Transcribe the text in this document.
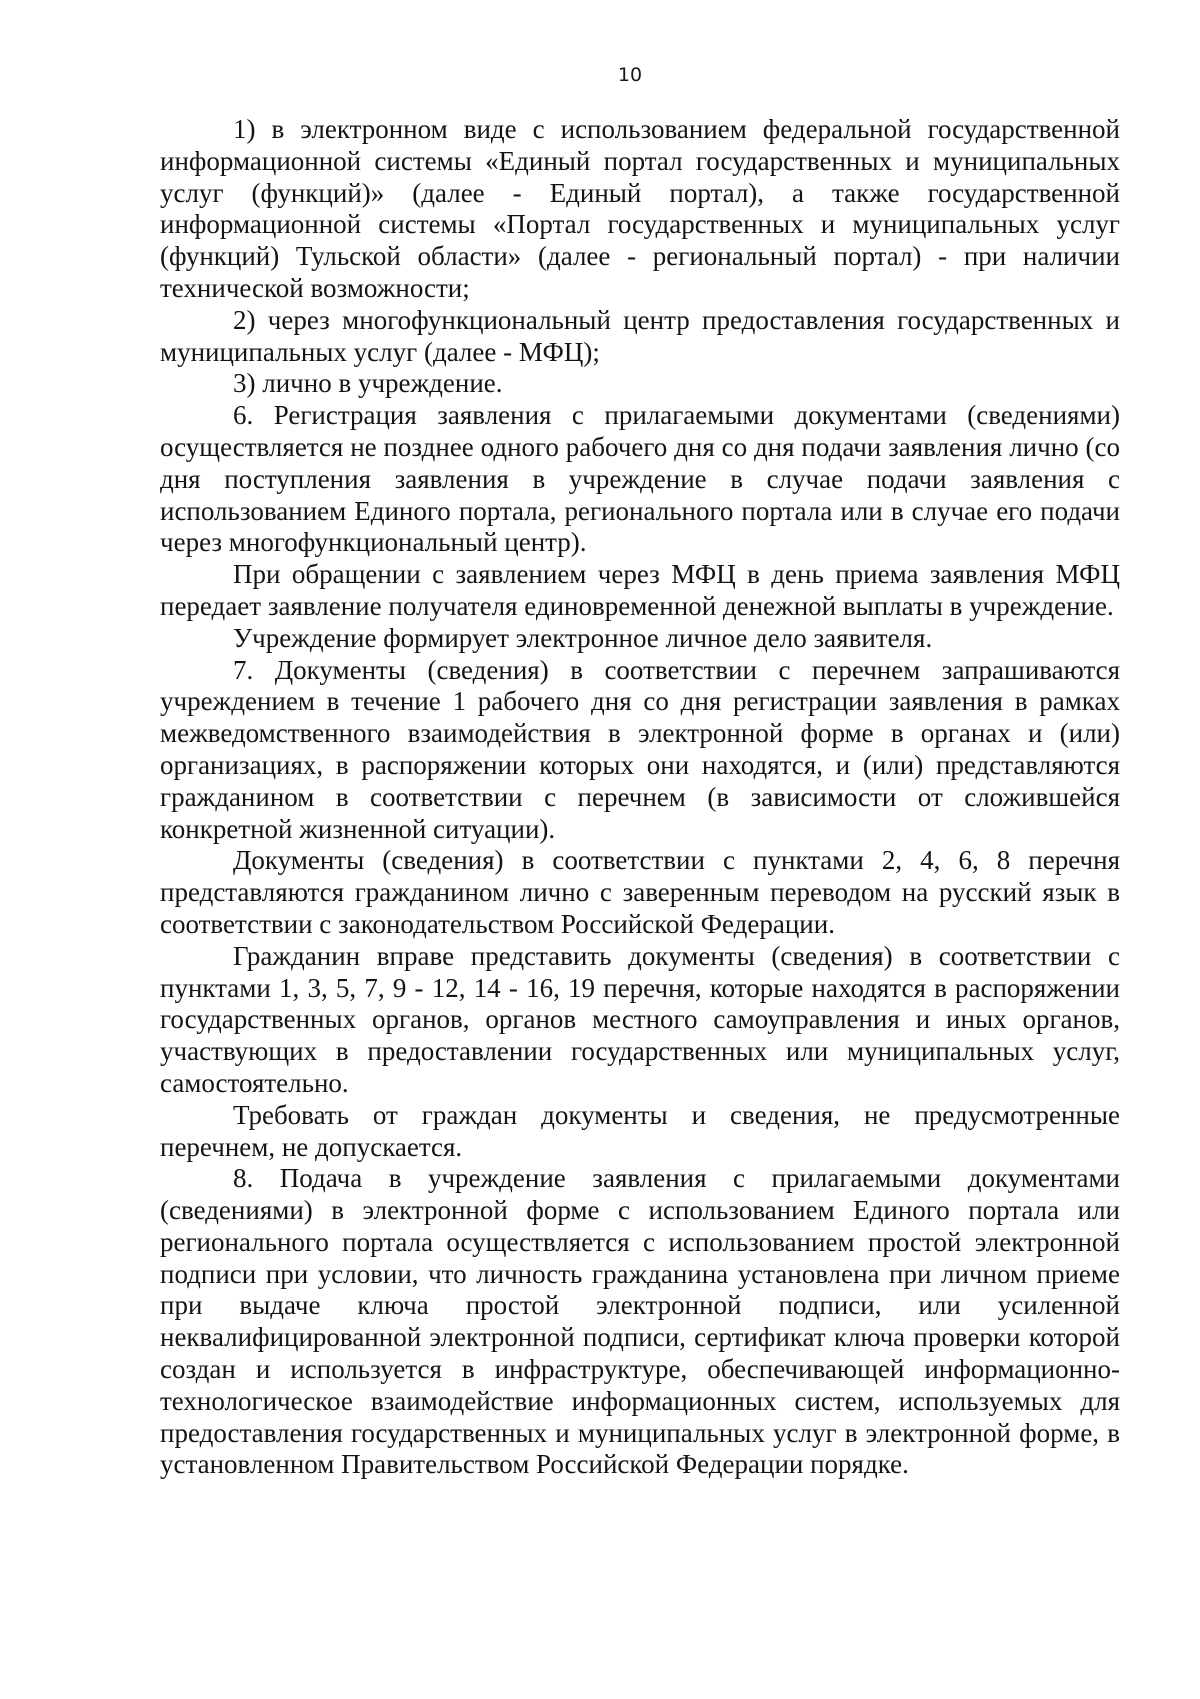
10

1) в электронном виде с использованием федеральной государственной информационной системы «Единый портал государственных и муниципальных услуг (функций)» (далее - Единый портал), а также государственной информационной системы «Портал государственных и муниципальных услуг (функций) Тульской области» (далее - региональный портал) - при наличии технической возможности;

2) через многофункциональный центр предоставления государственных и муниципальных услуг (далее - МФЦ);

3) лично в учреждение.

6. Регистрация заявления с прилагаемыми документами (сведениями) осуществляется не позднее одного рабочего дня со дня подачи заявления лично (со дня поступления заявления в учреждение в случае подачи заявления с использованием Единого портала, регионального портала или в случае его подачи через многофункциональный центр).

При обращении с заявлением через МФЦ в день приема заявления МФЦ передает заявление получателя единовременной денежной выплаты в учреждение.

Учреждение формирует электронное личное дело заявителя.

7. Документы (сведения) в соответствии с перечнем запрашиваются учреждением в течение 1 рабочего дня со дня регистрации заявления в рамках межведомственного взаимодействия в электронной форме в органах и (или) организациях, в распоряжении которых они находятся, и (или) представляются гражданином в соответствии с перечнем (в зависимости от сложившейся конкретной жизненной ситуации).

Документы (сведения) в соответствии с пунктами 2, 4, 6, 8 перечня представляются гражданином лично с заверенным переводом на русский язык в соответствии с законодательством Российской Федерации.

Гражданин вправе представить документы (сведения) в соответствии с пунктами 1, 3, 5, 7, 9 - 12, 14 - 16, 19 перечня, которые находятся в распоряжении государственных органов, органов местного самоуправления и иных органов, участвующих в предоставлении государственных или муниципальных услуг, самостоятельно.

Требовать от граждан документы и сведения, не предусмотренные перечнем, не допускается.

8. Подача в учреждение заявления с прилагаемыми документами (сведениями) в электронной форме с использованием Единого портала или регионального портала осуществляется с использованием простой электронной подписи при условии, что личность гражданина установлена при личном приеме при выдаче ключа простой электронной подписи, или усиленной неквалифицированной электронной подписи, сертификат ключа проверки которой создан и используется в инфраструктуре, обеспечивающей информационно-технологическое взаимодействие информационных систем, используемых для предоставления государственных и муниципальных услуг в электронной форме, в установленном Правительством Российской Федерации порядке.
